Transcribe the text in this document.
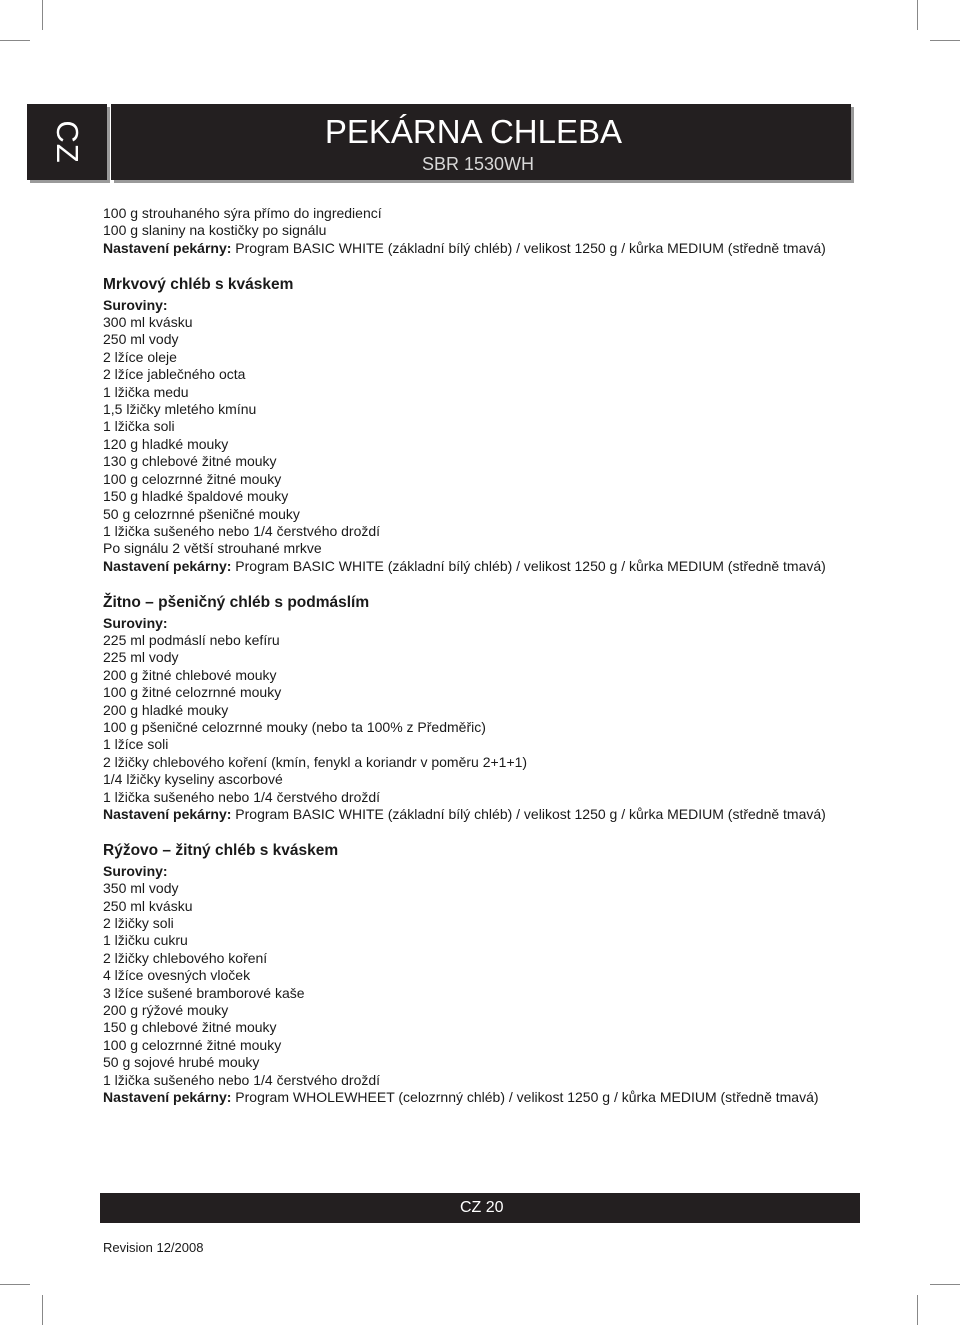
CZ	PEKÁRNA CHLEBA
SBR 1530WH
100 g strouhaného sýra přímo do ingrediencí
100 g slaniny na kostičky po signálu
Nastavení pekárny: Program BASIC WHITE (základní bílý chléb) / velikost 1250 g / kůrka MEDIUM (středně tmavá)
Mrkvový chléb s kváskem
Suroviny:
300 ml kvásku
250 ml vody
2 lžíce oleje
2 lžíce jablečného octa
1 lžička medu
1,5 lžičky mletého kmínu
1 lžička soli
120 g hladké mouky
130 g chlebové žitné mouky
100 g celozrnné žitné mouky
150 g hladké špaldové mouky
50 g celozrnné pšeničné mouky
1 lžička sušeného nebo 1/4 čerstvého droždí
Po signálu 2 větší strouhané mrkve
Nastavení pekárny: Program BASIC WHITE (základní bílý chléb) / velikost 1250 g / kůrka MEDIUM (středně tmavá)
Žitno – pšeničný chléb s podmáslím
Suroviny:
225 ml podmáslí nebo kefíru
225 ml vody
200 g žitné chlebové mouky
100 g žitné celozrnné mouky
200 g hladké mouky
100 g pšeničné celozrnné mouky (nebo ta 100% z Předměřic)
1 lžíce soli
2 lžičky chlebového koření (kmín, fenykl a koriandr v poměru 2+1+1)
1/4 lžičky kyseliny ascorbové
1 lžička sušeného nebo 1/4 čerstvého droždí
Nastavení pekárny: Program BASIC WHITE (základní bílý chléb) / velikost 1250 g / kůrka MEDIUM (středně tmavá)
Rýžovo – žitný chléb s kváskem
Suroviny:
350 ml vody
250 ml kvásku
2 lžičky soli
1 lžičku cukru
2 lžičky chlebového koření
4 lžíce ovesných vloček
3 lžíce sušené bramborové kaše
200 g rýžové mouky
150 g chlebové žitné mouky
100 g celozrnné žitné mouky
50 g sojové hrubé mouky
1 lžička sušeného nebo 1/4 čerstvého droždí
Nastavení pekárny: Program WHOLEWHEET (celozrnný chléb) / velikost 1250 g / kůrka MEDIUM (středně tmavá)
CZ 20
Revision 12/2008
